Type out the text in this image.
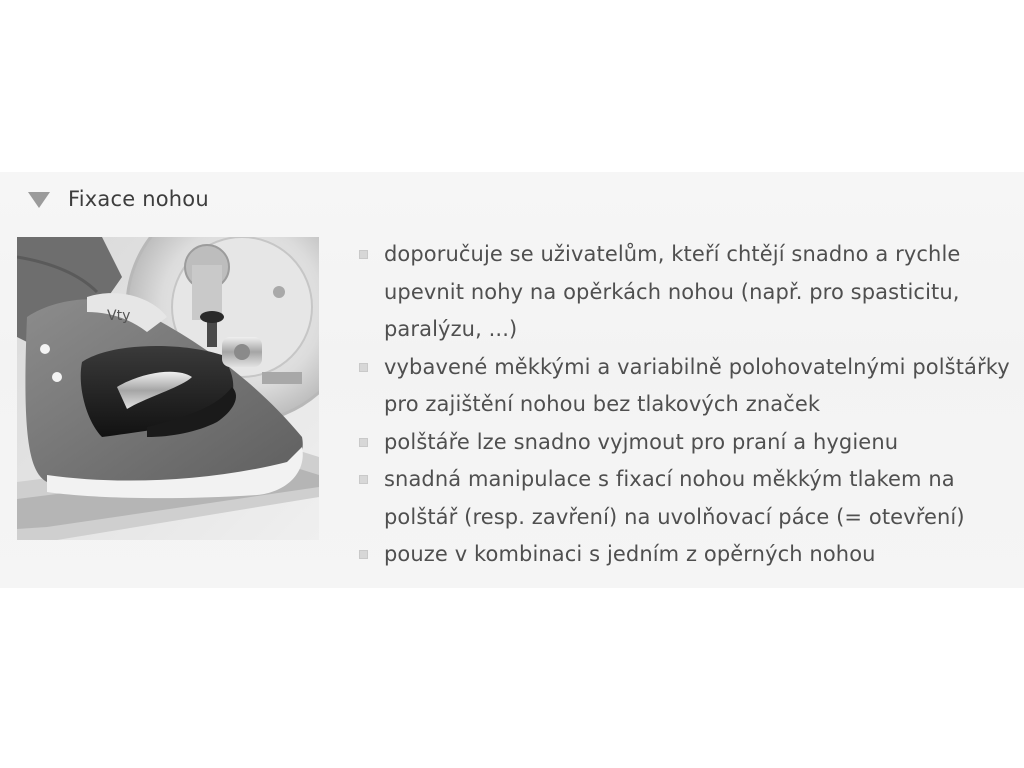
Fixace nohou
Vty
doporučuje se uživatelům, kteří chtějí snadno a rychle
upevnit nohy na opěrkách nohou (např. pro spasticitu,
paralýzu, ...)
vybavené měkkými a variabilně polohovatelnými polštářky
pro zajištění nohou bez tlakových značek
polštáře lze snadno vyjmout pro praní a hygienu
snadná manipulace s fixací nohou měkkým tlakem na
polštář (resp. zavření) na uvolňovací páce (= otevření)
pouze v kombinaci s jedním z opěrných nohou
